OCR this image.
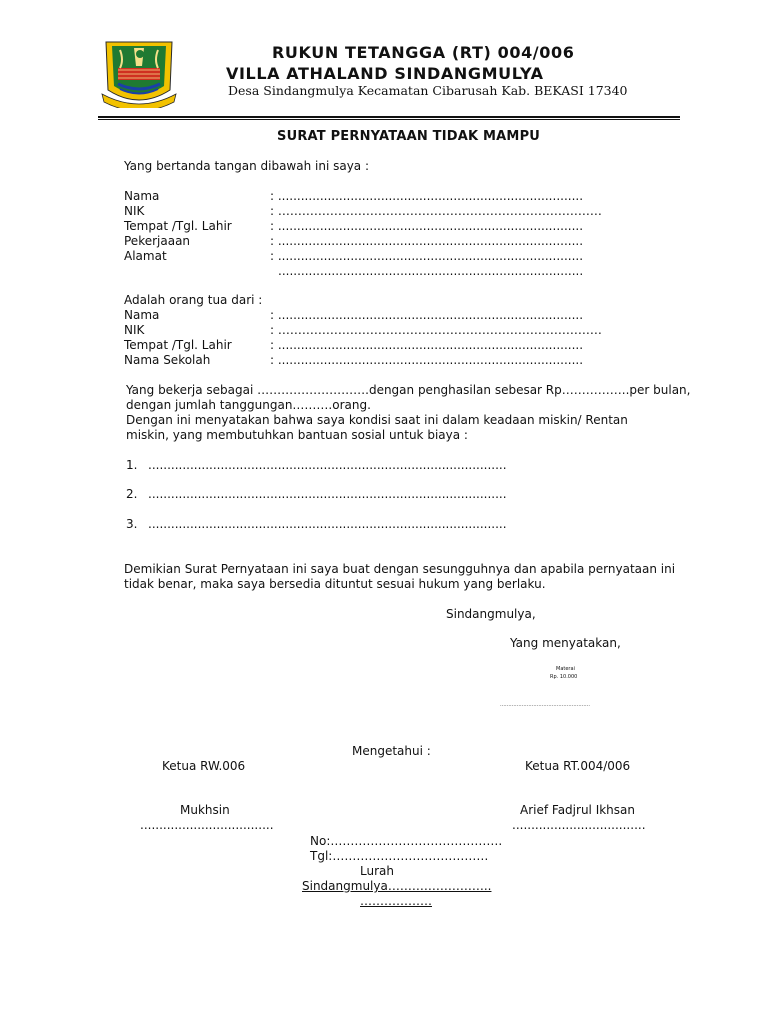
RUKUN TETANGGA (RT) 004/006
VILLA ATHALAND SINDANGMULYA
Desa Sindangmulya Kecamatan Cibarusah Kab. BEKASI 17340
SURAT PERNYATAAN TIDAK MAMPU
Yang bertanda tangan dibawah ini saya :
Nama	: ................................................................................
NIK	: ………………………………………………………………………
Tempat /Tgl. Lahir	: ................................................................................
Pekerjaaan	: ................................................................................
Alamat	: ................................................................................
................................................................................
Adalah orang tua dari :
Nama	: ................................................................................
NIK	: ………………………………………………………………………
Tempat /Tgl. Lahir	: ................................................................................
Nama Sekolah	: ................................................................................
Yang bekerja sebagai ……………………….dengan penghasilan sebesar Rp……………..per bulan,
dengan jumlah tanggungan……….orang.
Dengan ini menyatakan bahwa saya kondisi saat ini dalam keadaan miskin/ Rentan
miskin, yang membutuhkan bantuan sosial untuk biaya :
1. ..............................................................................................
2. ..............................................................................................
3. ..............................................................................................
Demikian Surat Pernyataan ini saya buat dengan sesungguhnya dan apabila pernyataan ini
tidak benar, maka saya bersedia dituntut sesuai hukum yang berlaku.
Sindangmulya,
Yang menyatakan,
Materai
Rp. 10.000
………………………………………………
Mengetahui :
Ketua RW.006	Ketua RT.004/006
Mukhsin	Arief Fadjrul Ikhsan
...................................	...................................
No:…………………………………….
Tgl:…………………………………
Lurah
Sindangmulya……………………..
………………
